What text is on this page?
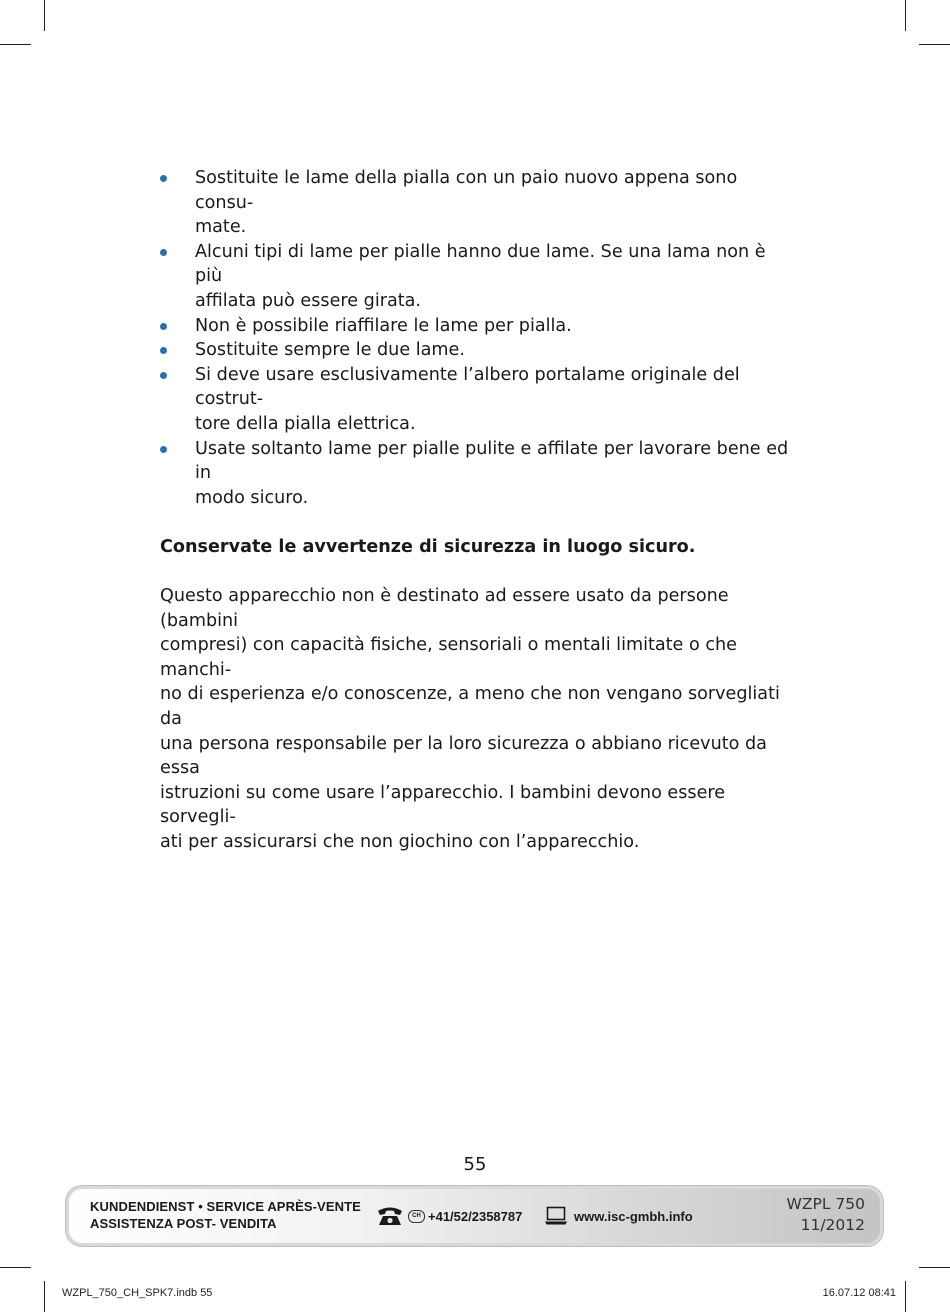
Sostituite le lame della pialla con un paio nuovo appena sono consu-
mate.
Alcuni tipi di lame per pialle hanno due lame. Se una lama non è più
affilata può essere girata.
Non è possibile riaffilare le lame per pialla.
Sostituite sempre le due lame.
Si deve usare esclusivamente l’albero portalame originale del costrut-
tore della pialla elettrica.
Usate soltanto lame per pialle pulite e affilate per lavorare bene ed in
modo sicuro.
Conservate le avvertenze di sicurezza in luogo sicuro.
Questo apparecchio non è destinato ad essere usato da persone (bambini
compresi) con capacità fisiche, sensoriali o mentali limitate o che manchi-
no di esperienza e/o conoscenze, a meno che non vengano sorvegliati da
una persona responsabile per la loro sicurezza o abbiano ricevuto da essa
istruzioni su come usare l’apparecchio. I bambini devono essere sorvegli-
ati per assicurarsi che non giochino con l’apparecchio.
55
KUNDENDIENST • SERVICE APRÈS-VENTE
ASSISTENZA POST- VENDITA
CH +41/52/2358787	www.isc-gmbh.info
WZPL 750
11/2012
WZPL_750_CH_SPK7.indb 55	16.07.12 08:41
